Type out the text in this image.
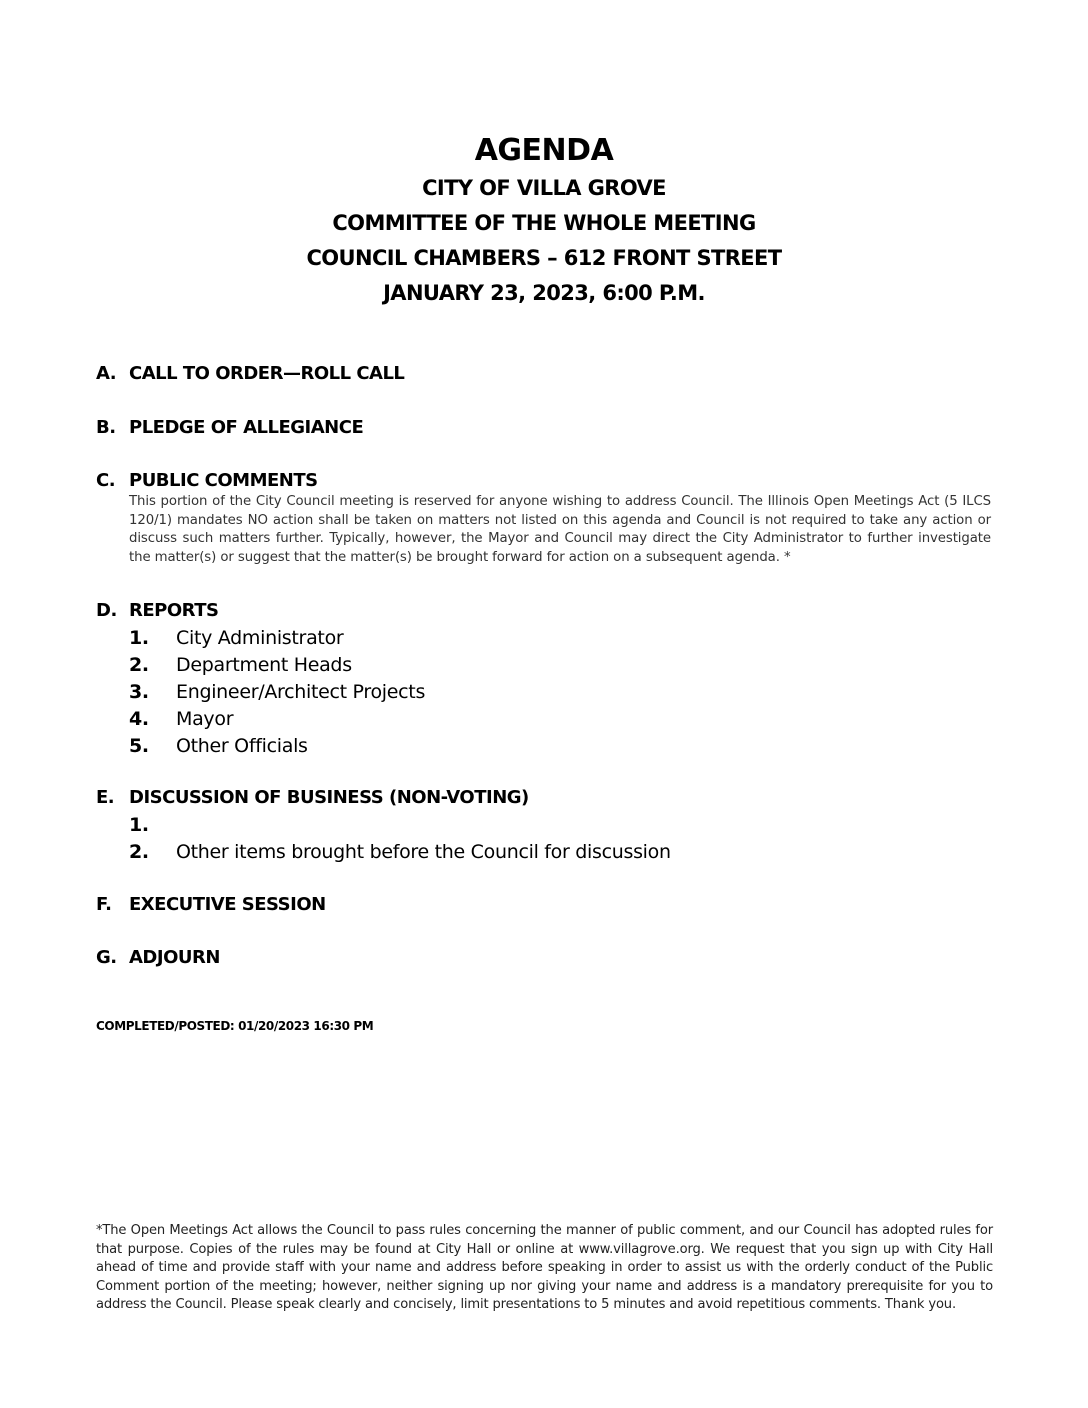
AGENDA
CITY OF VILLA GROVE
COMMITTEE OF THE WHOLE MEETING
COUNCIL CHAMBERS – 612 FRONT STREET
JANUARY 23, 2023, 6:00 P.M.
A. CALL TO ORDER—ROLL CALL
B. PLEDGE OF ALLEGIANCE
C. PUBLIC COMMENTS
This portion of the City Council meeting is reserved for anyone wishing to address Council. The Illinois Open Meetings Act (5 ILCS 120/1) mandates NO action shall be taken on matters not listed on this agenda and Council is not required to take any action or discuss such matters further. Typically, however, the Mayor and Council may direct the City Administrator to further investigate the matter(s) or suggest that the matter(s) be brought forward for action on a subsequent agenda. *
D. REPORTS
1.	City Administrator
2.	Department Heads
3.	Engineer/Architect Projects
4.	Mayor
5.	Other Officials
E. DISCUSSION OF BUSINESS (NON-VOTING)
1.
2.	Other items brought before the Council for discussion
F. EXECUTIVE SESSION
G. ADJOURN
COMPLETED/POSTED: 01/20/2023 16:30 PM
*The Open Meetings Act allows the Council to pass rules concerning the manner of public comment, and our Council has adopted rules for that purpose. Copies of the rules may be found at City Hall or online at www.villagrove.org. We request that you sign up with City Hall ahead of time and provide staff with your name and address before speaking in order to assist us with the orderly conduct of the Public Comment portion of the meeting; however, neither signing up nor giving your name and address is a mandatory prerequisite for you to address the Council. Please speak clearly and concisely, limit presentations to 5 minutes and avoid repetitious comments. Thank you.
